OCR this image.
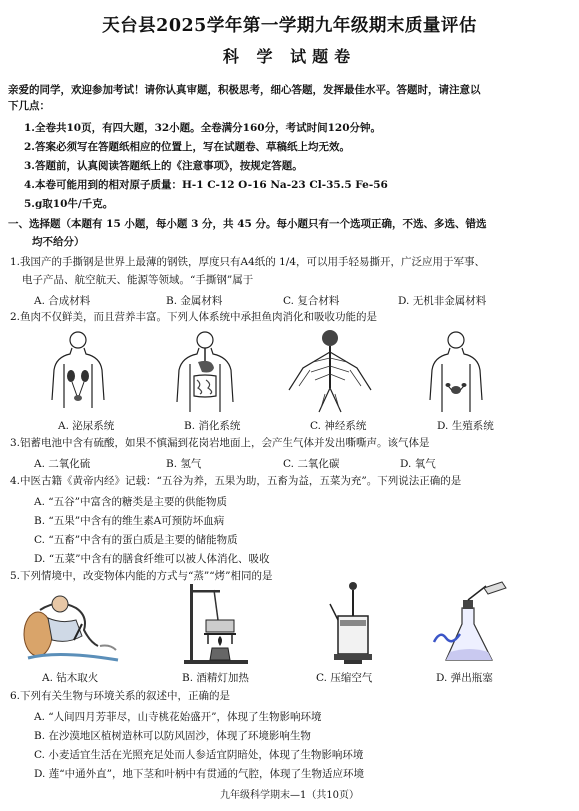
天台县2025学年第一学期九年级期末质量评估
科 学 试题卷
亲爱的同学，欢迎参加考试！请你认真审题，积极思考，细心答题，发挥最佳水平。答题时，请注意以
下几点：
1.全卷共10页，有四大题，32小题。全卷满分160分，考试时间120分钟。
2.答案必须写在答题纸相应的位置上，写在试题卷、草稿纸上均无效。
3.答题前，认真阅读答题纸上的《注意事项》，按规定答题。
4.本卷可能用到的相对原子质量：H-1 C-12 O-16 Na-23 Cl-35.5 Fe-56
5.g取10牛/千克。
一、选择题（本题有 15 小题，每小题 3 分，共 45 分。每小题只有一个选项正确，不选、多选、错选
均不给分）
1.我国产的手撕钢是世界上最薄的钢铁，厚度只有A4纸的 1/4，可以用手轻易撕开，广泛应用于军事、
电子产品、航空航天、能源等领域。“手撕钢”属于
A. 合成材料	B. 金属材料	C. 复合材料	D. 无机非金属材料
2.鱼肉不仅鲜美，而且营养丰富。下列人体系统中承担鱼肉消化和吸收功能的是
A. 泌尿系统	B. 消化系统	C. 神经系统	D. 生殖系统
3.铝蓄电池中含有硫酸，如果不慎漏到花岗岩地面上，会产生气体并发出嘶嘶声。该气体是
A. 二氧化硫	B. 氢气	C. 二氧化碳	D. 氧气
4.中医古籍《黄帝内经》记载：“五谷为养，五果为助，五畜为益，五菜为充”。下列说法正确的是
A. “五谷”中富含的糖类是主要的供能物质
B. “五果”中含有的维生素A可预防坏血病
C. “五畜”中含有的蛋白质是主要的储能物质
D. “五菜”中含有的膳食纤维可以被人体消化、吸收
5.下列情境中，改变物体内能的方式与“蒸”“烤”相同的是
A. 钻木取火	B. 酒精灯加热	C. 压缩空气	D. 弹出瓶塞
6.下列有关生物与环境关系的叙述中，正确的是
A. “人间四月芳菲尽，山寺桃花始盛开”，体现了生物影响环境
B. 在沙漠地区植树造林可以防风固沙，体现了环境影响生物
C. 小麦适宜生活在光照充足处而人参适宜阴暗处，体现了生物影响环境
D. 莲“中通外直”，地下茎和叶柄中有贯通的气腔，体现了生物适应环境
九年级科学期末—1（共10页）
